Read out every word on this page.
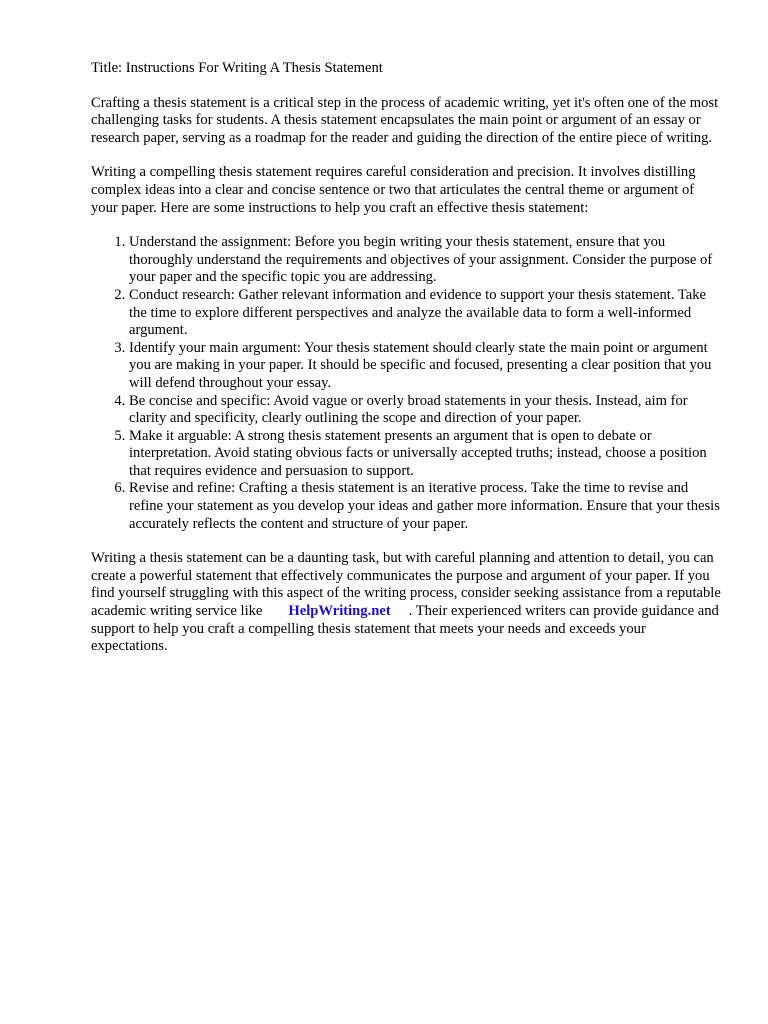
Title: Instructions For Writing A Thesis Statement

Crafting a thesis statement is a critical step in the process of academic writing, yet it's often one of the most challenging tasks for students. A thesis statement encapsulates the main point or argument of an essay or research paper, serving as a roadmap for the reader and guiding the direction of the entire piece of writing.

Writing a compelling thesis statement requires careful consideration and precision. It involves distilling complex ideas into a clear and concise sentence or two that articulates the central theme or argument of your paper. Here are some instructions to help you craft an effective thesis statement:

1. Understand the assignment: Before you begin writing your thesis statement, ensure that you thoroughly understand the requirements and objectives of your assignment. Consider the purpose of your paper and the specific topic you are addressing.
2. Conduct research: Gather relevant information and evidence to support your thesis statement. Take the time to explore different perspectives and analyze the available data to form a well-informed argument.
3. Identify your main argument: Your thesis statement should clearly state the main point or argument you are making in your paper. It should be specific and focused, presenting a clear position that you will defend throughout your essay.
4. Be concise and specific: Avoid vague or overly broad statements in your thesis. Instead, aim for clarity and specificity, clearly outlining the scope and direction of your paper.
5. Make it arguable: A strong thesis statement presents an argument that is open to debate or interpretation. Avoid stating obvious facts or universally accepted truths; instead, choose a position that requires evidence and persuasion to support.
6. Revise and refine: Crafting a thesis statement is an iterative process. Take the time to revise and refine your statement as you develop your ideas and gather more information. Ensure that your thesis accurately reflects the content and structure of your paper.

Writing a thesis statement can be a daunting task, but with careful planning and attention to detail, you can create a powerful statement that effectively communicates the purpose and argument of your paper. If you find yourself struggling with this aspect of the writing process, consider seeking assistance from a reputable academic writing service like HelpWriting.net . Their experienced writers can provide guidance and support to help you craft a compelling thesis statement that meets your needs and exceeds your expectations.
